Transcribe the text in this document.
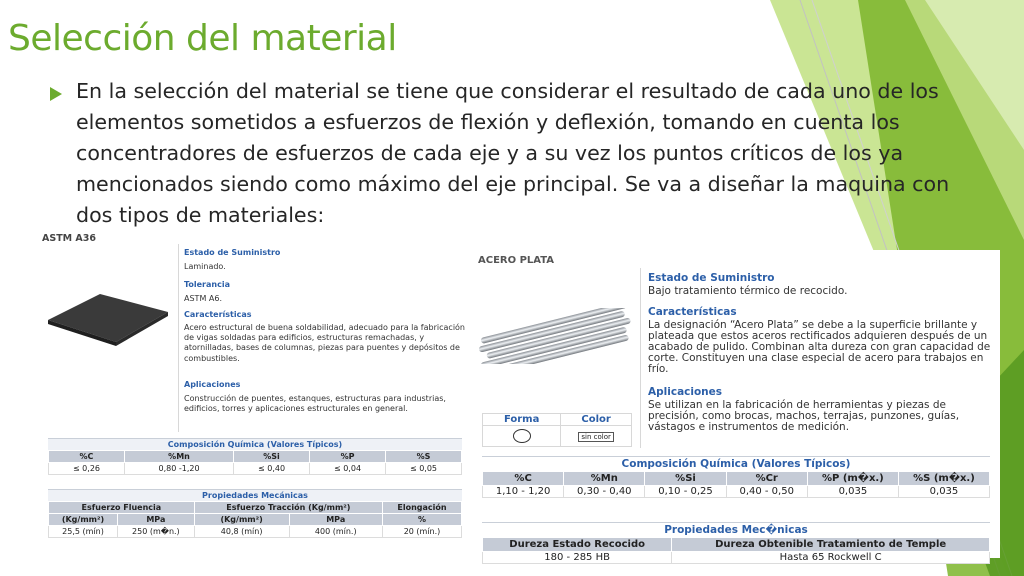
Selección del material
En la selección del material se tiene que considerar el resultado de cada uno de los elementos sometidos a esfuerzos de flexión y deflexión, tomando en cuenta los concentradores de esfuerzos de cada eje y a su vez los puntos críticos de los ya mencionados siendo como máximo del eje principal. Se va a diseñar la maquina con dos tipos de materiales:
ASTM A36
Estado de Suministro
Laminado.
Tolerancia
ASTM A6.
Características
Acero estructural de buena soldabilidad, adecuado para la fabricación de vigas soldadas para edificios, estructuras remachadas, y atornilladas, bases de columnas, piezas para puentes y depósitos de combustibles.
Aplicaciones
Construcción de puentes, estanques, estructuras para industrias, edificios, torres y aplicaciones estructurales en general.
Composición Química (Valores Típicos)
%C	%Mn	%Si	%P	%S
≤ 0,26	0,80 -1,20	≤ 0,40	≤ 0,04	≤ 0,05
Propiedades Mecánicas
Esfuerzo Fluencia		Esfuerzo Tracción (Kg/mm²)		Elongación
(Kg/mm²)	MPa	(Kg/mm²)	MPa	%
25,5 (mín)	250 (m�n.)	40,8 (mín)	400 (mín.)	20 (mín.)
ACERO PLATA
Forma	Color
	sin color
Estado de Suministro
Bajo tratamiento térmico de recocido.
Características
La designación “Acero Plata” se debe a la superficie brillante y plateada que estos aceros rectificados adquieren después de un acabado de pulido. Combinan alta dureza con gran capacidad de corte. Constituyen una clase especial de acero para trabajos en frío.
Aplicaciones
Se utilizan en la fabricación de herramientas y piezas de precisión, como brocas, machos, terrajas, punzones, guías, vástagos e instrumentos de medición.
Composición Química (Valores Típicos)
%C	%Mn	%Si	%Cr	%P (m�x.)	%S (m�x.)
1,10 - 1,20	0,30 - 0,40	0,10 - 0,25	0,40 - 0,50	0,035	0,035
Propiedades Mec�nicas
Dureza Estado Recocido	Dureza Obtenible Tratamiento de Temple
180 - 285 HB	Hasta 65 Rockwell C
